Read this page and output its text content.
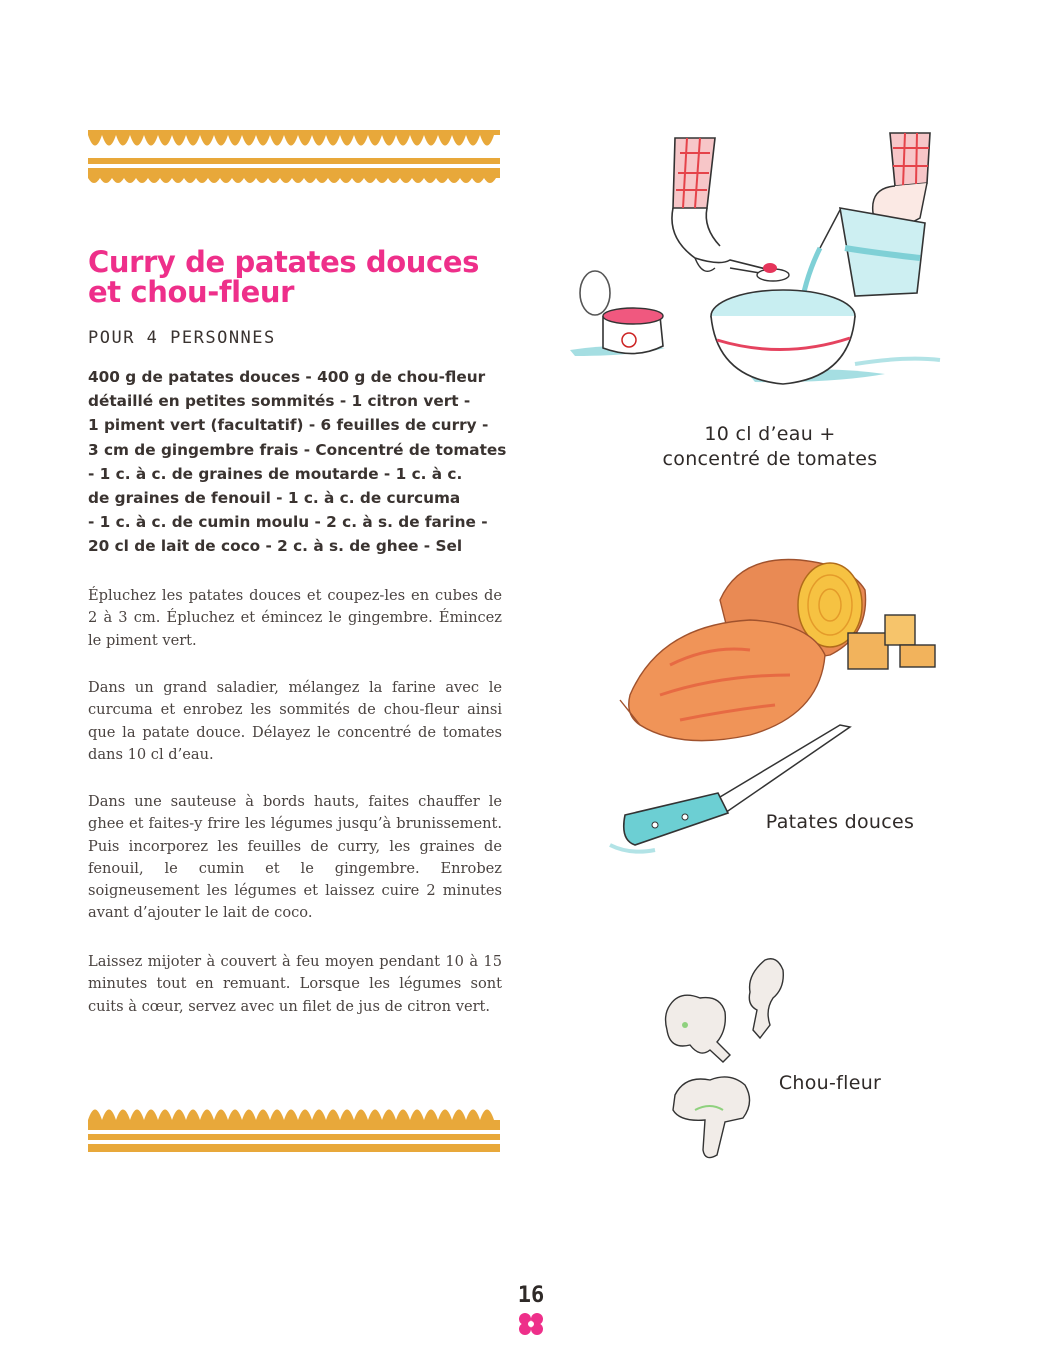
Curry de patates douces
et chou-fleur
POUR 4 PERSONNES
400 g de patates douces - 400 g de chou-fleur
détaillé en petites sommités - 1 citron vert -
1 piment vert (facultatif) - 6 feuilles de curry -
3 cm de gingembre frais - Concentré de tomates
- 1 c. à c. de graines de moutarde - 1 c. à c.
de graines de fenouil - 1 c. à c. de curcuma
- 1 c. à c. de cumin moulu - 2 c. à s. de farine -
20 cl de lait de coco - 2 c. à s. de ghee - Sel

Épluchez les patates douces et coupez-les en cubes de 2 à 3 cm. Épluchez et émincez le gingembre. Émincez le piment vert.

Dans un grand saladier, mélangez la farine avec le curcuma et enrobez les sommités de chou-fleur ainsi que la patate douce. Délayez le concentré de tomates dans 10 cl d’eau.

Dans une sauteuse à bords hauts, faites chauffer le ghee et faites-y frire les légumes jusqu’à brunissement. Puis incorporez les feuilles de curry, les graines de fenouil, le cumin et le gingembre. Enrobez soigneusement les légumes et laissez cuire 2 minutes avant d’ajouter le lait de coco.

Laissez mijoter à couvert à feu moyen pendant 10 à 15 minutes tout en remuant. Lorsque les légumes sont cuits à cœur, servez avec un filet de jus de citron vert.

10 cl d’eau +
concentré de tomates
Patates douces
Chou-fleur
16
